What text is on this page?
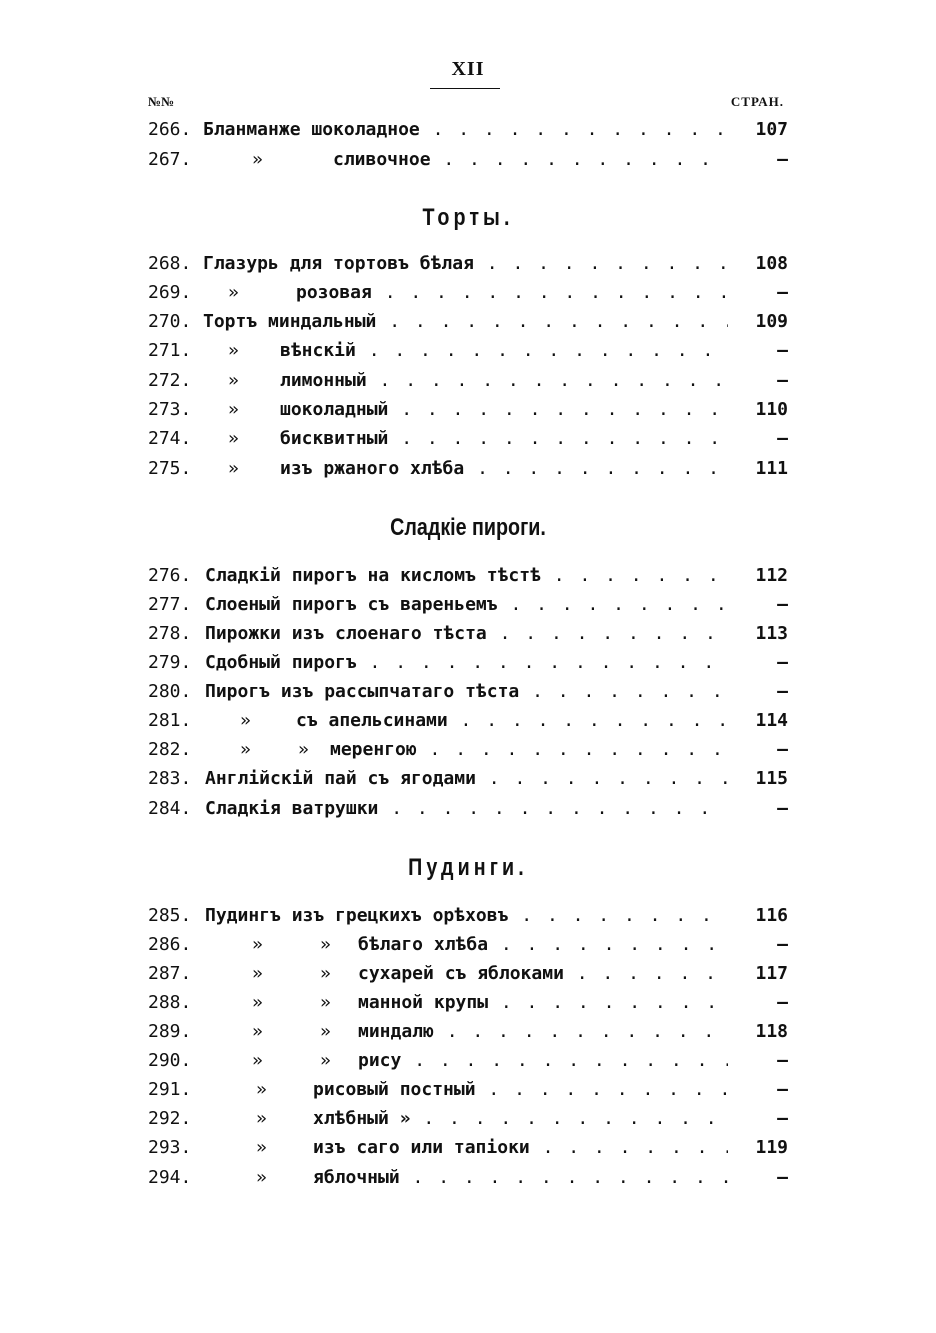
XII
№№	СТРАН.
266. Бланманже шоколадное . . .	107
267.	»	сливочное . . .	—
Торты.
268. Глазурь для тортовъ бѣлая . . .	108
269. »	розовая . . .	—
270. Тортъ миндальный . . .	109
271. » вѣнскій . . .	—
272. » лимонный . . .	—
273. » шоколадный . . .	110
274. » бисквитный . . .	—
275. » изъ ржаного хлѣба . . .	111
Сладкіе пироги.
276. Сладкій пирогъ на кисломъ тѣстѣ . . .	112
277. Слоеный пирогъ съ вареньемъ . . .	—
278. Пирожки изъ слоенаго тѣста . . .	113
279. Сдобный пирогъ . . .	—
280. Пирогъ изъ рассыпчатаго тѣста . . .	—
281.	»	съ апельсинами . . .	114
282.	»	» меренгою . . .	—
283. Англійскій пай съ ягодами . . .	115
284. Сладкія ватрушки . . .	—
Пудинги.
285. Пудингъ изъ грецкихъ орѣховъ . . .	116
286.	»	» бѣлаго хлѣба . . .	—
287.	»	» сухарей съ яблоками . . .	117
288.	»	» манной крупы . . .	—
289.	»	» миндалю . . .	118
290.	»	» рису . . .	—
291.	»	рисовый постный . . .	—
292.	»	хлѣбный » . . .	—
293.	»	изъ саго или тапіоки . . .	119
294.	»	яблочный . . .	—
